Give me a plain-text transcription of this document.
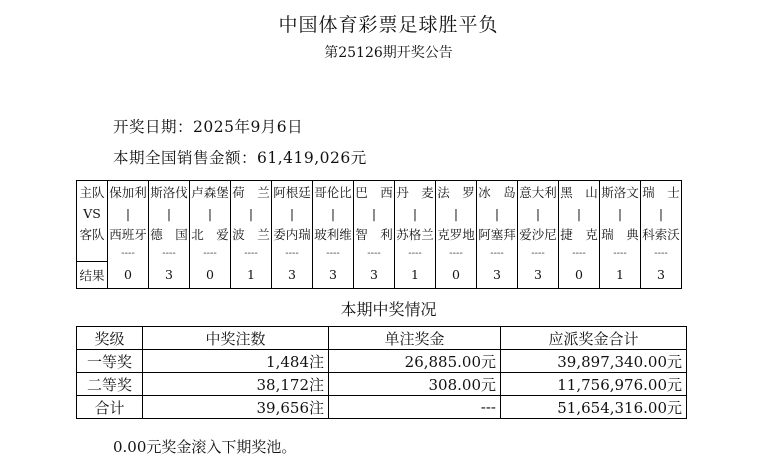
中国体育彩票足球胜平负
第25126期开奖公告
开奖日期：2025年9月6日
本期全国销售金额：61,419,026元
主队	保加利	斯洛伐	卢森堡	荷　兰	阿根廷	哥伦比	巴　西	丹　麦	法　罗	冰　岛	意大利	黑　山	斯洛文	瑞　士
VS	|	|	|	|	|	|	|	|	|	|	|	|	|	|
客队	西班牙	德　国	北　爱	波　兰	委内瑞	玻利维	智　利	苏格兰	克罗地	阿塞拜	爱沙尼	捷　克	瑞　典	科索沃
	----	----	----	----	----	----	----	----	----	----	----	----	----	----
结果	0	3	0	1	3	3	3	1	0	3	3	0	1	3
本期中奖情况
奖级	中奖注数	单注奖金	应派奖金合计
一等奖	1,484注	26,885.00元	39,897,340.00元
二等奖	38,172注	308.00元	11,756,976.00元
合计	39,656注	---	51,654,316.00元
0.00元奖金滚入下期奖池。
